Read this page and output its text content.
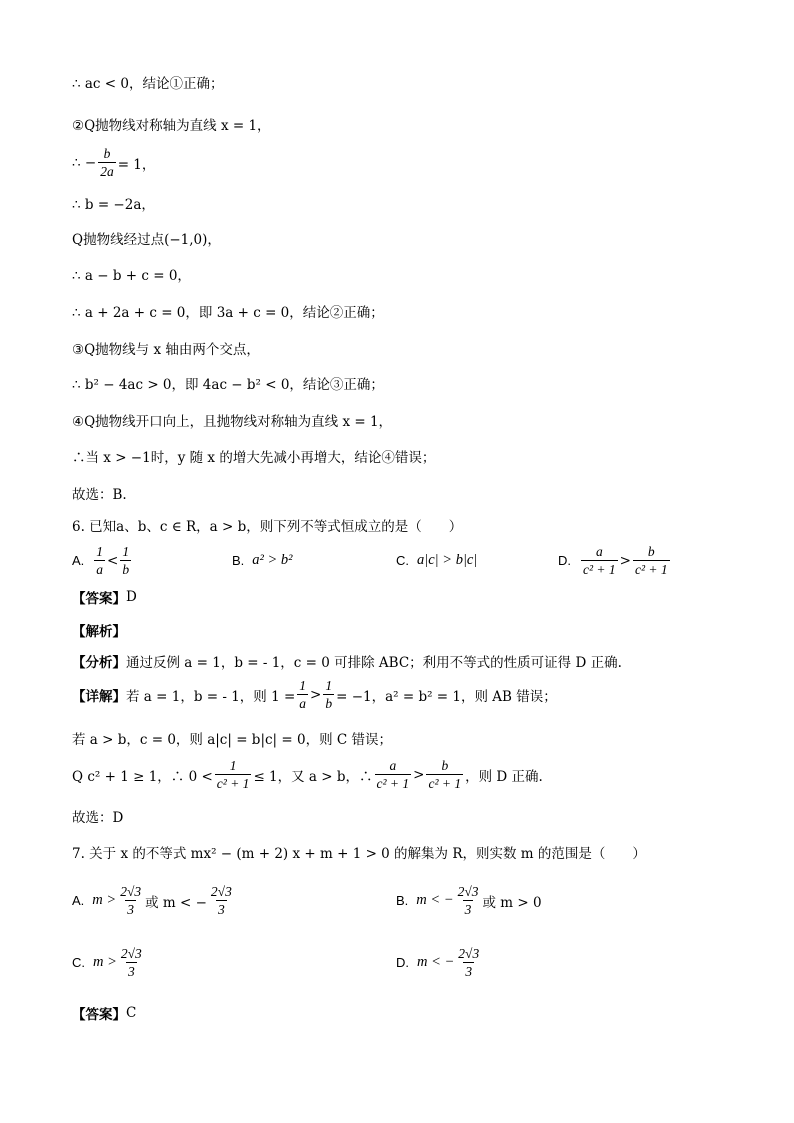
∴ ac < 0，结论①正确；
②Q抛物线对称轴为直线 x = 1，
∴ − $\frac{b}{2a} = 1$，
∴ b = −2a，
Q抛物线经过点(−1,0)，
∴ a − b + c = 0，
∴ a + 2a + c = 0，即 3a + c = 0，结论②正确；
③Q抛物线与 x 轴由两个交点，
∴ b² − 4ac > 0，即 4ac − b² < 0，结论③正确；
④Q抛物线开口向上，且抛物线对称轴为直线 x = 1，
∴当 x > −1时，y 随 x 的增大先减小再增大，结论④错误；
故选：B.
6. 已知a、b、c ∈ R，a > b，则下列不等式恒成立的是（　　）
A. $\frac{1}{a} < \frac{1}{b}$	B. a² > b²	C. a|c| > b|c|	D. $\frac{a}{\text{c² + 1}} > \frac{b}{\text{c² + 1}}$
【答案】 D
【解析】
【分析】 通过反例 a = 1，b = - 1，c = 0 可排除 ABC；利用不等式的性质可证得 D 正确.
【详解】 若 a = 1，b = - 1，则 $1 = \frac{1}{a} > \frac{1}{b} = -1$，a² = b² = 1，则 AB 错误；
若 a > b，c = 0，则 a|c| = b|c| = 0，则 C 错误；
Q c² + 1 ≥ 1，∴ $0 < \frac{1}{\text{c² + 1}} \le 1$，又 a > b，∴ $\frac{a}{\text{c² + 1}} > \frac{b}{\text{c² + 1}}$ ，则 D 正确.
故选：D
7. 关于 x 的不等式 mx² − (m + 2) x + m + 1 > 0 的解集为 R，则实数 m 的范围是（　　）
A. $m > \frac{2√3}{3}$ 或 m < − $\frac{2√3}{3}$	B. m < − $\frac{2√3}{3}$ 或 m > 0
C. $m > \frac{2√3}{3}$	D. m < − $\frac{2√3}{3}$
【答案】 C
